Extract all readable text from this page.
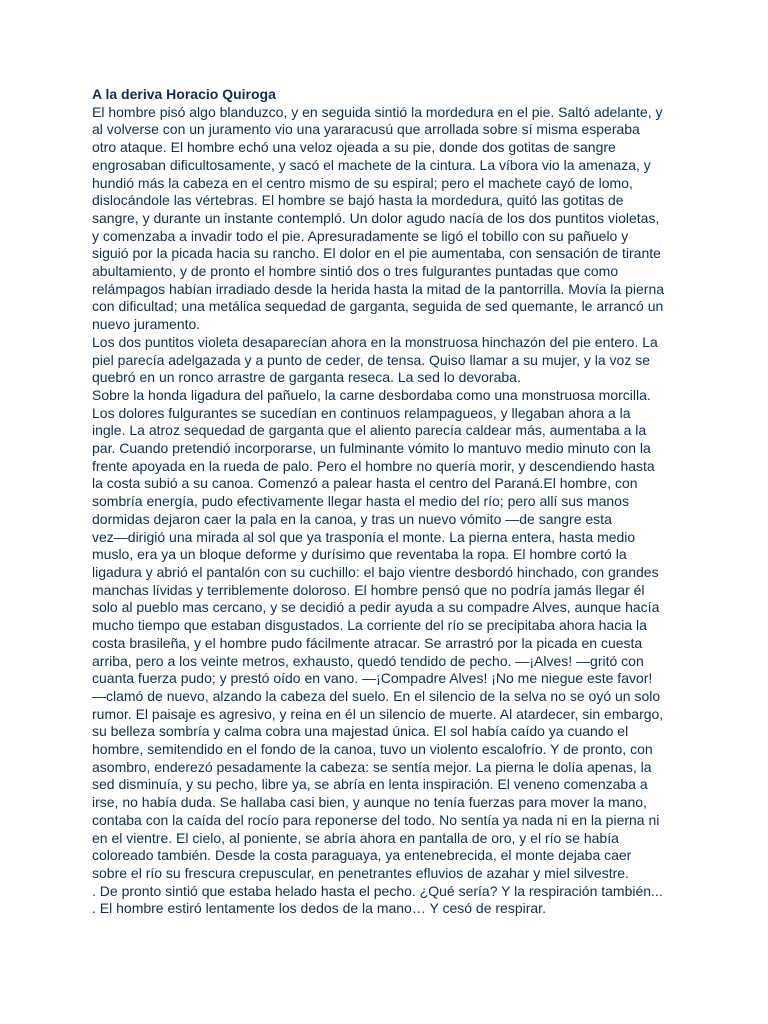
A la deriva Horacio Quiroga

El hombre pisó algo blanduzco, y en seguida sintió la mordedura en el pie. Saltó adelante, y
al volverse con un juramento vio una yararacusú que arrollada sobre sí misma esperaba
otro ataque. El hombre echó una veloz ojeada a su pie, donde dos gotitas de sangre
engrosaban dificultosamente, y sacó el machete de la cintura. La víbora vio la amenaza, y
hundió más la cabeza en el centro mismo de su espiral; pero el machete cayó de lomo,
dislocándole las vértebras. El hombre se bajó hasta la mordedura, quitó las gotitas de
sangre, y durante un instante contempló. Un dolor agudo nacía de los dos puntitos violetas,
y comenzaba a invadir todo el pie. Apresuradamente se ligó el tobillo con su pañuelo y
siguió por la picada hacia su rancho. El dolor en el pie aumentaba, con sensación de tirante
abultamiento, y de pronto el hombre sintió dos o tres fulgurantes puntadas que como
relámpagos habían irradiado desde la herida hasta la mitad de la pantorrilla. Movía la pierna
con dificultad; una metálica sequedad de garganta, seguida de sed quemante, le arrancó un
nuevo juramento.

Los dos puntitos violeta desaparecían ahora en la monstruosa hinchazón del pie entero. La
piel parecía adelgazada y a punto de ceder, de tensa. Quiso llamar a su mujer, y la voz se
quebró en un ronco arrastre de garganta reseca. La sed lo devoraba.

Sobre la honda ligadura del pañuelo, la carne desbordaba como una monstruosa morcilla.
Los dolores fulgurantes se sucedían en continuos relampagueos, y llegaban ahora a la
ingle. La atroz sequedad de garganta que el aliento parecía caldear más, aumentaba a la
par. Cuando pretendió incorporarse, un fulminante vómito lo mantuvo medio minuto con la
frente apoyada en la rueda de palo. Pero el hombre no quería morir, y descendiendo hasta
la costa subió a su canoa. Comenzó a palear hasta el centro del Paraná.El hombre, con
sombría energía, pudo efectivamente llegar hasta el medio del río; pero allí sus manos
dormidas dejaron caer la pala en la canoa, y tras un nuevo vómito —de sangre esta
vez—dirigió una mirada al sol que ya trasponía el monte. La pierna entera, hasta medio
muslo, era ya un bloque deforme y durísimo que reventaba la ropa. El hombre cortó la
ligadura y abrió el pantalón con su cuchillo: el bajo vientre desbordó hinchado, con grandes
manchas lívidas y terriblemente doloroso. El hombre pensó que no podría jamás llegar él
solo al pueblo mas cercano, y se decidió a pedir ayuda a su compadre Alves, aunque hacía
mucho tiempo que estaban disgustados. La corriente del río se precipitaba ahora hacia la
costa brasileña, y el hombre pudo fácilmente atracar. Se arrastró por la picada en cuesta
arriba, pero a los veinte metros, exhausto, quedó tendido de pecho. —¡Alves! —gritó con
cuanta fuerza pudo; y prestó oído en vano. —¡Compadre Alves! ¡No me niegue este favor!
—clamó de nuevo, alzando la cabeza del suelo. En el silencio de la selva no se oyó un solo
rumor. El paisaje es agresivo, y reina en él un silencio de muerte. Al atardecer, sin embargo,
su belleza sombría y calma cobra una majestad única. El sol había caído ya cuando el
hombre, semitendido en el fondo de la canoa, tuvo un violento escalofrío. Y de pronto, con
asombro, enderezó pesadamente la cabeza: se sentía mejor. La pierna le dolía apenas, la
sed disminuía, y su pecho, libre ya, se abría en lenta inspiración. El veneno comenzaba a
irse, no había duda. Se hallaba casi bien, y aunque no tenía fuerzas para mover la mano,
contaba con la caída del rocío para reponerse del todo. No sentía ya nada ni en la pierna ni
en el vientre. El cielo, al poniente, se abría ahora en pantalla de oro, y el río se había
coloreado también. Desde la costa paraguaya, ya entenebrecida, el monte dejaba caer
sobre el río su frescura crepuscular, en penetrantes efluvios de azahar y miel silvestre.

. De pronto sintió que estaba helado hasta el pecho. ¿Qué sería? Y la respiración también...

. El hombre estiró lentamente los dedos de la mano… Y cesó de respirar.
